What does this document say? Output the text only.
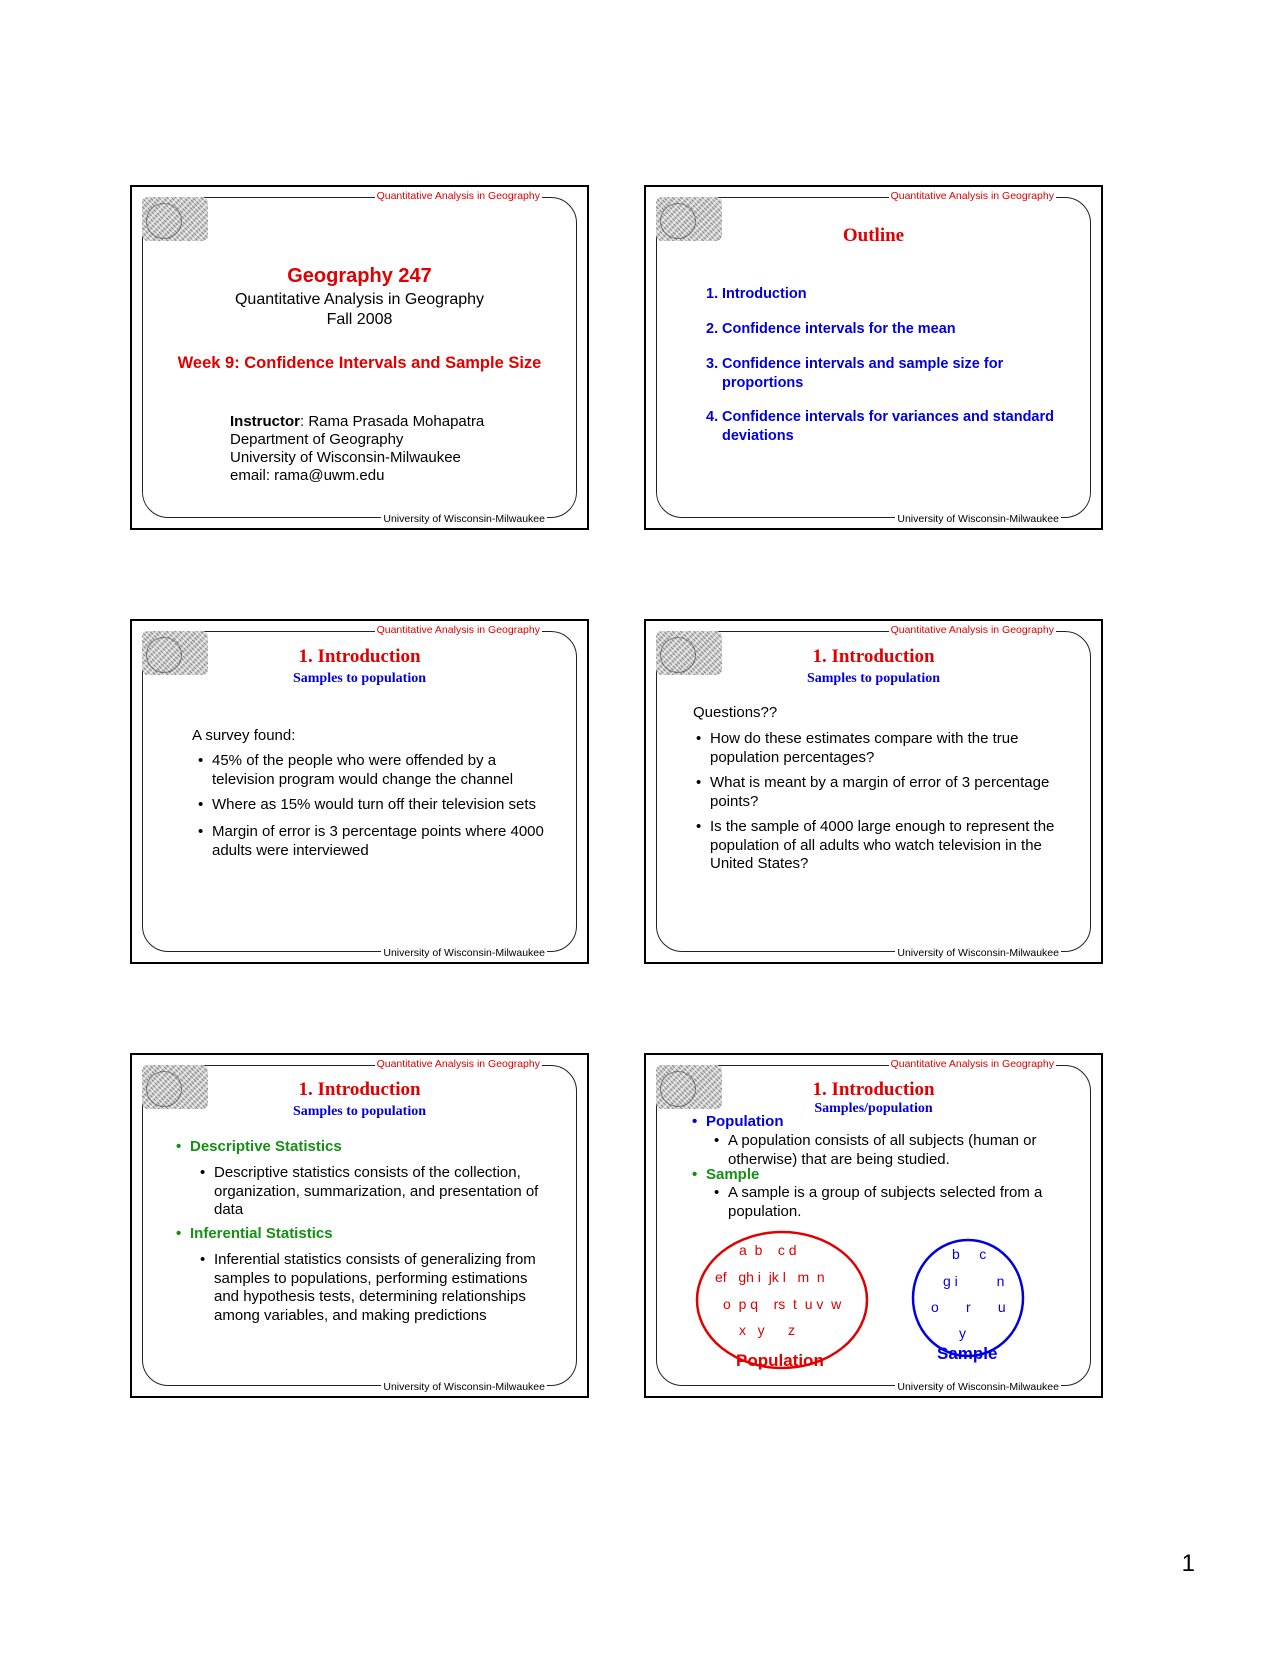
Quantitative Analysis in Geography
Geography 247
Quantitative Analysis in Geography
Fall 2008
Week 9: Confidence Intervals and Sample Size
Instructor: Rama Prasada Mohapatra
Department of Geography
University of Wisconsin-Milwaukee
email: rama@uwm.edu
University of Wisconsin-Milwaukee
Quantitative Analysis in Geography
Outline
1. Introduction
2. Confidence intervals for the mean
3. Confidence intervals and sample size for proportions
4. Confidence intervals for variances and standard deviations
University of Wisconsin-Milwaukee
Quantitative Analysis in Geography
1. Introduction
Samples to population
A survey found:
• 45% of the people who were offended by a television program would change the channel
• Where as 15% would turn off their television sets
• Margin of error is 3 percentage points where 4000 adults were interviewed
University of Wisconsin-Milwaukee
Quantitative Analysis in Geography
1. Introduction
Samples to population
Questions??
• How do these estimates compare with the true population percentages?
• What is meant by a margin of error of 3 percentage points?
• Is the sample of 4000 large enough to represent the population of all adults who watch television in the United States?
University of Wisconsin-Milwaukee
Quantitative Analysis in Geography
1. Introduction
Samples to population
• Descriptive Statistics
• Descriptive statistics consists of the collection, organization, summarization, and presentation of data
• Inferential Statistics
• Inferential statistics consists of generalizing from samples to populations, performing estimations and hypothesis tests, determining relationships among variables, and making predictions
University of Wisconsin-Milwaukee
Quantitative Analysis in Geography
1. Introduction
Samples/population
• Population
• A population consists of all subjects (human or otherwise) that are being studied.
• Sample
• A sample is a group of subjects selected from a population.
a  b    c d
ef   gh i  jk l   m  n
o  p q    rs  t  u v  w
x   y      z
b     c
g i          n
o       r       u
y
Population	Sample
University of Wisconsin-Milwaukee
1
